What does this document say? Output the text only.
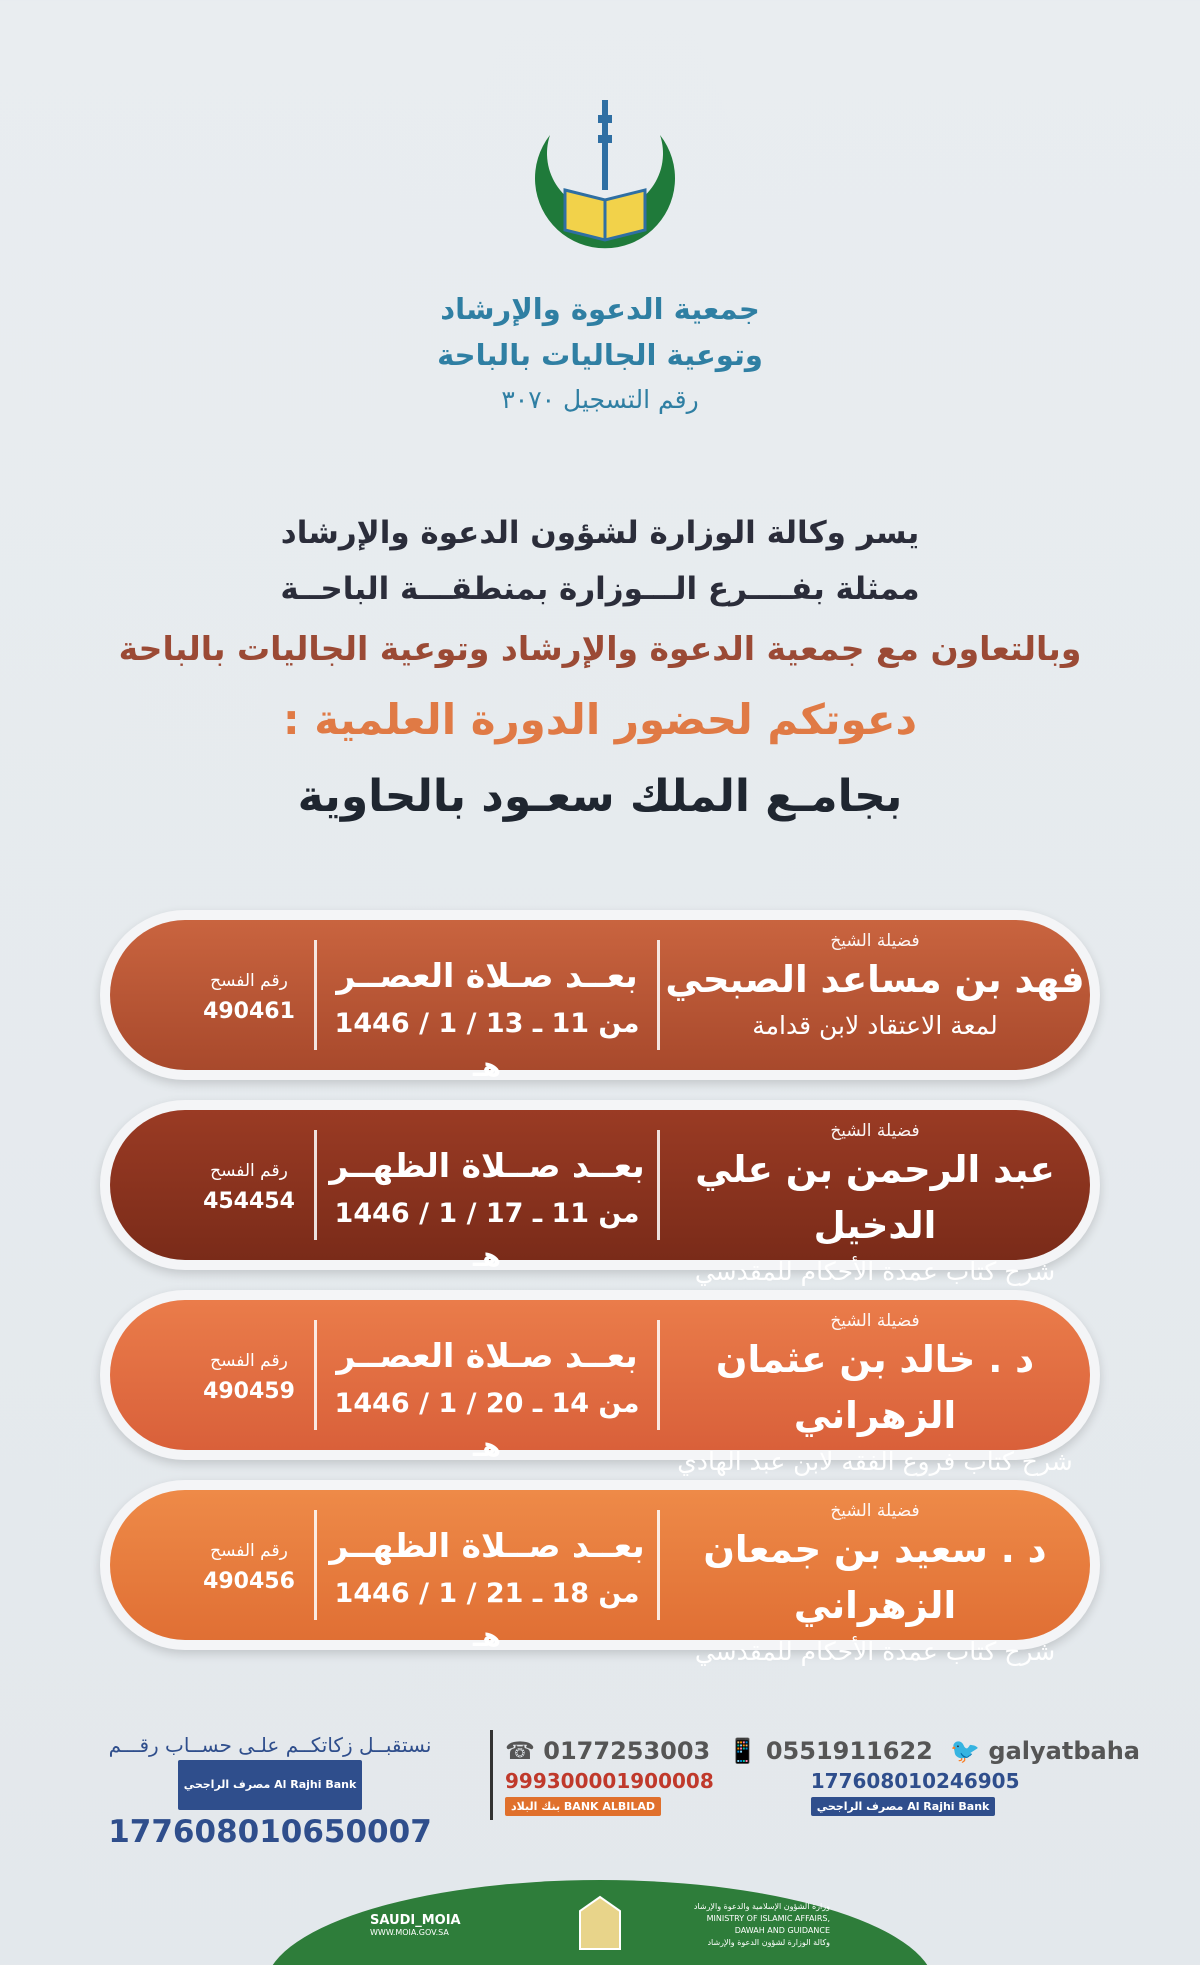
جمعية الدعوة والإرشاد
وتوعية الجاليات بالباحة
رقم التسجيل ٣٠٧٠
يسر وكالة الوزارة لشؤون الدعوة والإرشاد
ممثلة بفــــرع الـــوزارة بمنطقـــة الباحــة
وبالتعاون مع جمعية الدعوة والإرشاد وتوعية الجاليات بالباحة
دعوتكم لحضور الدورة العلمية :
بجامـع الملك سعـود بالحاوية
فضيلة الشيخ
فهد بن مساعد الصبحي
لمعة الاعتقاد لابن قدامة
بعــد صـلاة العصــر
من 11 ـ 13 / 1 / 1446 هـ
رقم الفسح
490461
فضيلة الشيخ
عبد الرحمن بن علي الدخيل
شرح كتاب عمدة الأحكام للمقدسي
بعــد صــلاة الظهــر
من 11 ـ 17 / 1 / 1446 هـ
رقم الفسح
454454
فضيلة الشيخ
د . خالد بن عثمان الزهراني
شرح كتاب فروع الفقه لابن عبد الهادي
بعــد صـلاة العصــر
من 14 ـ 20 / 1 / 1446 هـ
رقم الفسح
490459
فضيلة الشيخ
د . سعيد بن جمعان الزهراني
شرح كتاب عمدة الأحكام للمقدسي
بعــد صــلاة الظهــر
من 18 ـ 21 / 1 / 1446 هـ
رقم الفسح
490456
نستقبــل زكاتكــم علـى حســاب رقـــم
مصرف الراجحي Al Rajhi Bank 177608010650007
☎ 0177253003 📱 0551911622 🐦 galyatbaha
999300001900008 بنك البلاد BANK ALBILAD
177608010246905 مصرف الراجحي Al Rajhi Bank
SAUDI_MOIA
WWW.MOIA.GOV.SA
وزارة الشؤون الإسلامية والدعوة والإرشاد
MINISTRY OF ISLAMIC AFFAIRS, DAWAH AND GUIDANCE
وكالة الوزارة لشؤون الدعوة والإرشاد
